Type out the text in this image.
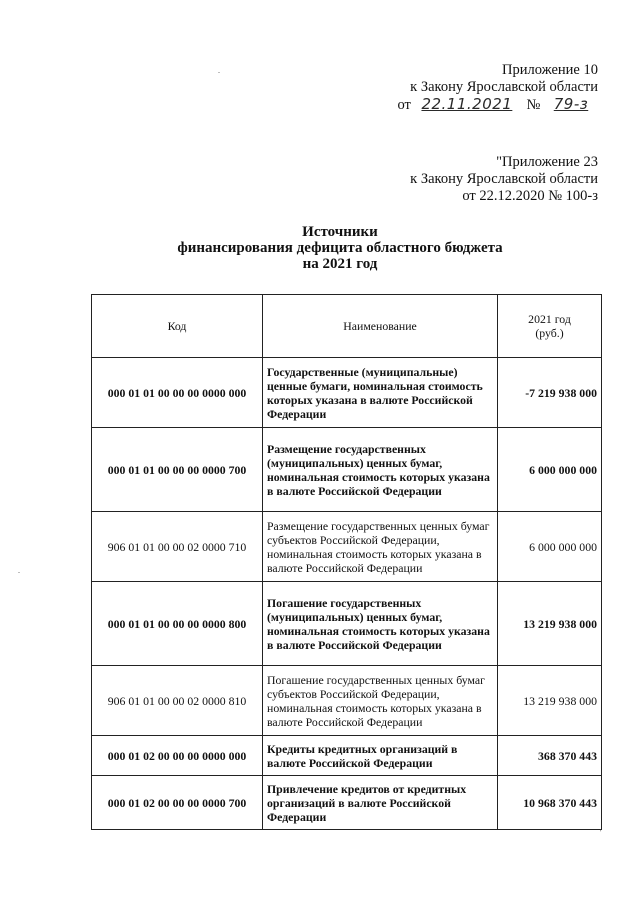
Приложение 10
к Закону Ярославской области
от 22.11.2021 № 79-з
"Приложение 23
к Закону Ярославской области
от 22.12.2020 № 100-з
Источники
финансирования дефицита областного бюджета
на 2021 год
Код	Наименование	2021 год
(руб.)

000 01 01 00 00 00 0000 000	Государственные (муниципальные) ценные бумаги, номинальная стоимость которых указана в валюте Российской Федерации	-7 219 938 000
000 01 01 00 00 00 0000 700	Размещение государственных (муниципальных) ценных бумаг, номинальная стоимость которых указана в валюте Российской Федерации	6 000 000 000
906 01 01 00 00 02 0000 710	Размещение государственных ценных бумаг субъектов Российской Федерации, номинальная стоимость которых указана в валюте Российской Федерации	6 000 000 000
000 01 01 00 00 00 0000 800	Погашение государственных (муниципальных) ценных бумаг, номинальная стоимость которых указана в валюте Российской Федерации	13 219 938 000
906 01 01 00 00 02 0000 810	Погашение государственных ценных бумаг субъектов Российской Федерации, номинальная стоимость которых указана в валюте Российской Федерации	13 219 938 000
000 01 02 00 00 00 0000 000	Кредиты кредитных организаций в валюте Российской Федерации	368 370 443
000 01 02 00 00 00 0000 700	Привлечение кредитов от кредитных организаций в валюте Российской Федерации	10 968 370 443
.
.
'
